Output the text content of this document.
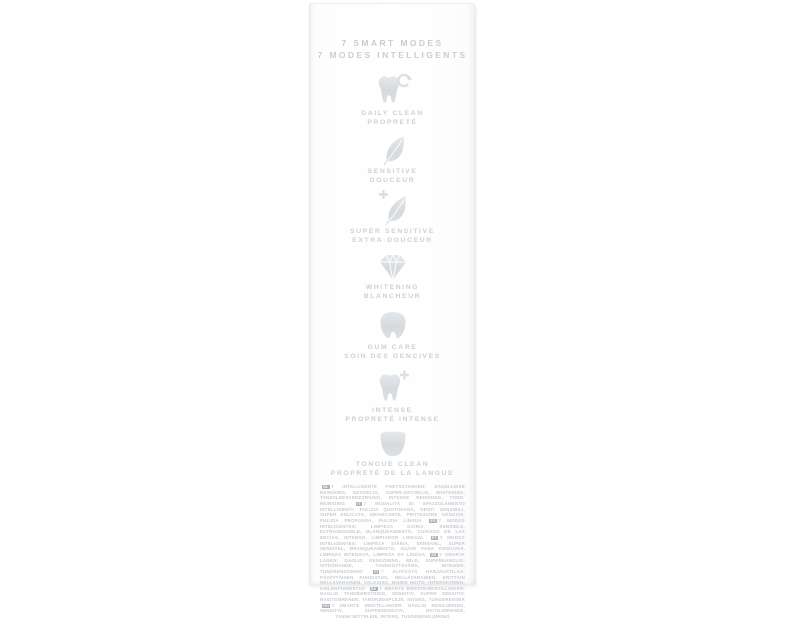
7 SMART MODES
7 MODES INTELLIGENTS
DAILY CLEAN
PROPRETÉ
SENSITIVE
DOUCEUR
SUPER SENSITIVE
EXTRA-DOUCEUR
WHITENING
BLANCHEUR
GUM CARE
SOIN DES GENCIVES
INTENSE
PROPRETÉ INTENSE
TONGUE CLEAN
PROPRETÉ DE LA LANGUE
NL 7 INTELLIGENTE POETSSTANDEN: DAGELIJKSE REINIGING, GEVOELIG, SUPER-GEVOELIG, WHITENING, TANDVLEESVERZORGING, INTENSE REINIGING, TONG-REINIGING	IT 7 MODALITÀ DI SPAZZOLAMENTO INTELLIGENTI: PULIZIA QUOTIDIANA, DENTI SENSIBILI, SUPER DELICATA, SBIANCANTE, PROTEZIONE GENGIVE, PULIZIA PROFONDA, PULIZIA LINGUA	ES 7 MODOS INTELIGENTES: LIMPIEZA DIARIA, SENSIBLE, EXTRASENSIBLE, BLANQUEAMIENTO, CUIDADO DE LAS ENCÍAS, INTENSO, LIMPIADOR LINGUAL PT 7 MODOS INTELIGENTES: LIMPEZA DIÁRIA, SENSÍVEL, SUPER SENSÍVEL, BRANQUEAMENTO, SUAVE PARA GENGIVAS, LIMPEZA INTENSIVA, LIMPEZA DA LÍNGUA SE 7 SMARTA LÄGEN: DAGLIG RENGÖRING, MILD, SUPERKÄNSLIG, VITGÖRANDE, TANDKÖTTSVÅRD, INTENSIV, TUNGRENGÖRING	FI 7 ÄLYKÄSTÄ HARJAUSTILAA: PÄIVITTÄINEN PUHDISTUS, HELLÄVARAINEN, ERITTÄIN HELLÄVARAINEN, VALKAISU, IENIEN HOITO, INTENSIIVINEN, KIELENPUHDISTUS DK 7 SMARTE BØRSTEINDSTILLINGER: DAGLIG TANDBØRSTNING, SENSITIV, SUPER SENSITIV, HVIDTGØRENDE, TANDKØDSPLEJE, INTENS, TUNGERENSER NO 7 SMARTE INNSTILLINGER: DAGLIG RENGJØRING, SENSITIV, SUPERSENSITIV, HVITGJØRENDE, TANNKJØTTPLEIE, INTENS, TUNGERENGJØRING
